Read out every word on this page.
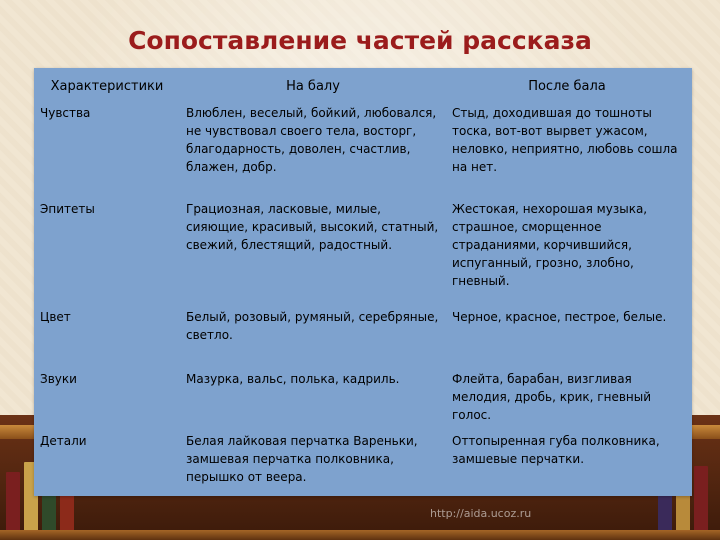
Сопоставление частей рассказа
Характеристики	На балу	После бала
Чувства	Влюблен, веселый, бойкий, любовался, не чувствовал своего тела, восторг, благодарность, доволен, счастлив, блажен, добр.	Стыд, доходившая до тошноты тоска, вот-вот вырвет ужасом, неловко, неприятно, любовь сошла на нет.
Эпитеты	Грациозная, ласковые, милые, сияющие, красивый, высокий, статный, свежий, блестящий, радостный.	Жестокая, нехорошая музыка, страшное, сморщенное страданиями, корчившийся, испуганный, грозно, злобно, гневный.
Цвет	Белый, розовый, румяный, серебряные, светло.	Черное, красное, пестрое, белые.
Звуки	Мазурка, вальс, полька, кадриль.	Флейта, барабан, визгливая мелодия, дробь, крик, гневный голос.
Детали	Белая лайковая перчатка Вареньки, замшевая перчатка полковника, перышко от веера.	Оттопыренная губа полковника, замшевые перчатки.
http://aida.ucoz.ru
